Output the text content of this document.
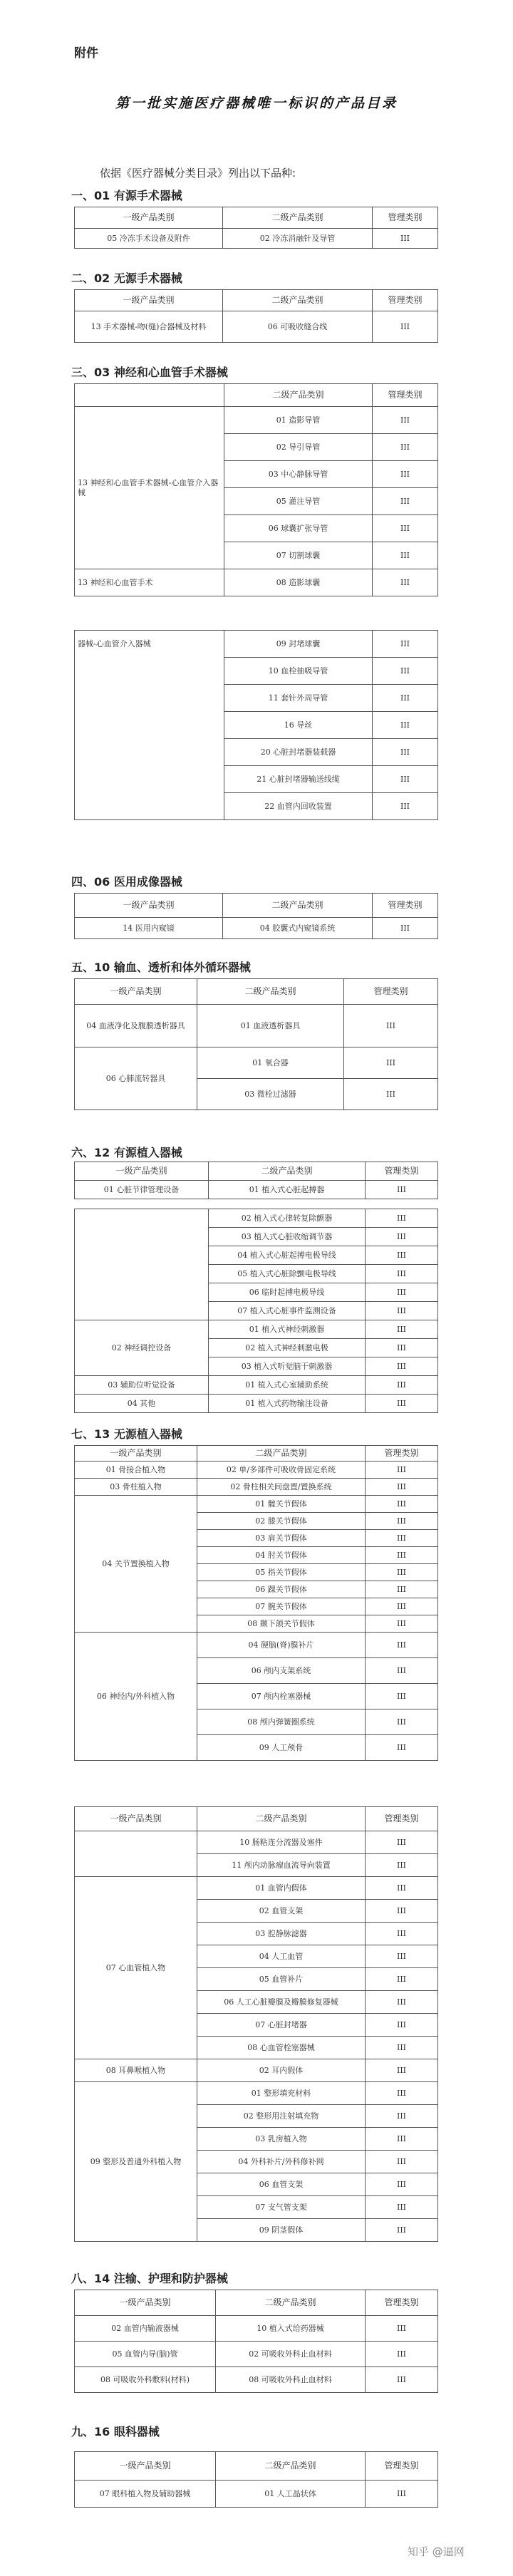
附件
第一批实施医疗器械唯一标识的产品目录
依据《医疗器械分类目录》列出以下品种:
一、01 有源手术器械
一级产品类别	二级产品类别	管理类别
05 冷冻手术设备及附件	02 冷冻消融针及导管	III
二、02 无源手术器械
一级产品类别	二级产品类别	管理类别
13 手术器械-吻(缝)合器械及材料	06 可吸收缝合线	III
三、03 神经和心血管手术器械
	二级产品类别	管理类别
13 神经和心血管手术器械-心血管介入器械	01 造影导管	III
	02 导引导管	III
	03 中心静脉导管	III
	05 灌注导管	III
	06 球囊扩张导管	III
	07 切割球囊	III
13 神经和心血管手术	08 造影球囊	III
器械-心血管介入器械	09 封堵球囊	III
	10 血栓抽吸导管	III
	11 套针外周导管	III
	16 导丝	III
	20 心脏封堵器装载器	III
	21 心脏封堵器输送线缆	III
	22 血管内回收装置	III
四、06 医用成像器械
一级产品类别	二级产品类别	管理类别
14 医用内窥镜	04 胶囊式内窥镜系统	III
五、10 输血、透析和体外循环器械
一级产品类别	二级产品类别	管理类别
04 血液净化及腹膜透析器具	01 血液透析器具	III
06 心肺流转器具	01 氧合器	III
	03 微栓过滤器	III
六、12 有源植入器械
一级产品类别	二级产品类别	管理类别
01 心脏节律管理设备	01 植入式心脏起搏器	III
	02 植入式心律转复除颤器	III
	03 植入式心脏收缩调节器	III
	04 植入式心脏起搏电极导线	III
	05 植入式心脏除颤电极导线	III
	06 临时起搏电极导线	III
	07 植入式心脏事件监测设备	III
02 神经调控设备	01 植入式神经刺激器	III
	02 植入式神经刺激电极	III
	03 植入式听觉脑干刺激器	III
03 辅助位听觉设备	01 植入式心室辅助系统	III
04 其他	01 植入式药物输注设备	III
七、13 无源植入器械
一级产品类别	二级产品类别	管理类别
01 骨接合植入物	02 单/多部件可吸收骨固定系统	III
03 骨柱植入物	02 骨柱相关间盘置/置换系统	III
04 关节置换植入物	01 髋关节假体	III
	02 膝关节假体	III
	03 肩关节假体	III
	04 肘关节假体	III
	05 指关节假体	III
	06 踝关节假体	III
	07 腕关节假体	III
	08 颞下颌关节假体	III
06 神经内/外科植入物	04 硬脑(脊)膜补片	III
	06 颅内支架系统	III
	07 颅内栓塞器械	III
	08 颅内弹簧圈系统	III
	09 人工颅骨	III
一级产品类别	二级产品类别	管理类别
	10 肠粘连分流器及塞件	III
	11 颅内动脉瘤血流导向装置	III
07 心血管植入物	01 血管内假体	III
	02 血管支架	III
	03 腔静脉滤器	III
	04 人工血管	III
	05 血管补片	III
	06 人工心脏瓣膜及瓣膜修复器械	III
	07 心脏封堵器	III
	08 心血管栓塞器械	III
08 耳鼻喉植入物	02 耳内假体	III
09 整形及普通外科植入物	01 整形填充材料	III
	02 整形用注射填充物	III
	03 乳房植入物	III
	04 外科补片/外科修补网	III
	06 血管支架	III
	07 支气管支架	III
	09 阴茎假体	III
八、14 注输、护理和防护器械
一级产品类别	二级产品类别	管理类别
02 血管内输液器械	10 植入式给药器械	III
05 血管内导(脑)管	02 可吸收外科止血材料	III
08 可吸收外科敷料(材料)	08 可吸收外科止血材料	III
九、16 眼科器械
一级产品类别	二级产品类别	管理类别
07 眼科植入物及辅助器械	01 人工晶状体	III
知乎 @逼网
